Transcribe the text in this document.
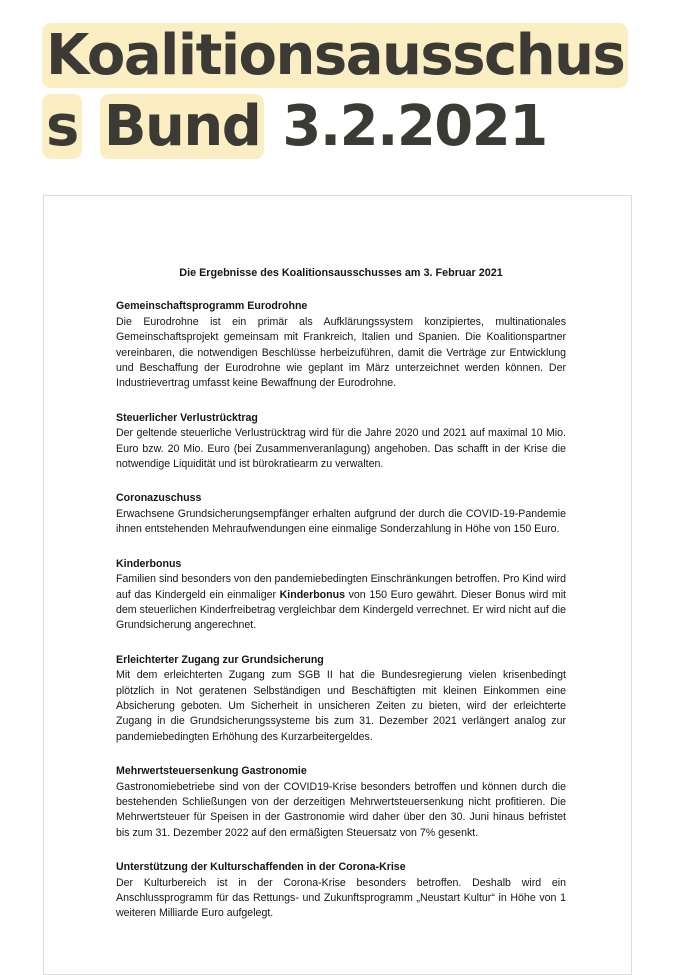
Koalitionsausschus
s Bund 3.2.2021

Die Ergebnisse des Koalitionsausschusses am 3. Februar 2021

Gemeinschaftsprogramm Eurodrohne

Die Eurodrohne ist ein primär als Aufklärungssystem konzipiertes, multinationales Gemeinschaftsprojekt gemeinsam mit Frankreich, Italien und Spanien. Die Koalitionspartner vereinbaren, die notwendigen Beschlüsse herbeizuführen, damit die Verträge zur Entwicklung und Beschaffung der Eurodrohne wie geplant im März unterzeichnet werden können. Der Industrievertrag umfasst keine Bewaffnung der Eurodrohne.

Steuerlicher Verlustrücktrag

Der geltende steuerliche Verlustrücktrag wird für die Jahre 2020 und 2021 auf maximal 10 Mio. Euro bzw. 20 Mio. Euro (bei Zusammenveranlagung) angehoben. Das schafft in der Krise die notwendige Liquidität und ist bürokratiearm zu verwalten.

Coronazuschuss

Erwachsene Grundsicherungsempfänger erhalten aufgrund der durch die COVID-19-Pandemie ihnen entstehenden Mehraufwendungen eine einmalige Sonderzahlung in Höhe von 150 Euro.

Kinderbonus

Familien sind besonders von den pandemiebedingten Einschränkungen betroffen. Pro Kind wird auf das Kindergeld ein einmaliger Kinderbonus von 150 Euro gewährt. Dieser Bonus wird mit dem steuerlichen Kinderfreibetrag vergleichbar dem Kindergeld verrechnet. Er wird nicht auf die Grundsicherung angerechnet.

Erleichterter Zugang zur Grundsicherung

Mit dem erleichterten Zugang zum SGB II hat die Bundesregierung vielen krisenbedingt plötzlich in Not geratenen Selbständigen und Beschäftigten mit kleinen Einkommen eine Absicherung geboten. Um Sicherheit in unsicheren Zeiten zu bieten, wird der erleichterte Zugang in die Grundsicherungssysteme bis zum 31. Dezember 2021 verlängert analog zur pandemiebedingten Erhöhung des Kurzarbeitergeldes.

Mehrwertsteuersenkung Gastronomie

Gastronomiebetriebe sind von der COVID19-Krise besonders betroffen und können durch die bestehenden Schließungen von der derzeitigen Mehrwertsteuersenkung nicht profitieren. Die Mehrwertsteuer für Speisen in der Gastronomie wird daher über den 30. Juni hinaus befristet bis zum 31. Dezember 2022 auf den ermäßigten Steuersatz von 7% gesenkt.

Unterstützung der Kulturschaffenden in der Corona-Krise

Der Kulturbereich ist in der Corona-Krise besonders betroffen. Deshalb wird ein Anschlussprogramm für das Rettungs- und Zukunftsprogramm „Neustart Kultur“ in Höhe von 1 weiteren Milliarde Euro aufgelegt.
